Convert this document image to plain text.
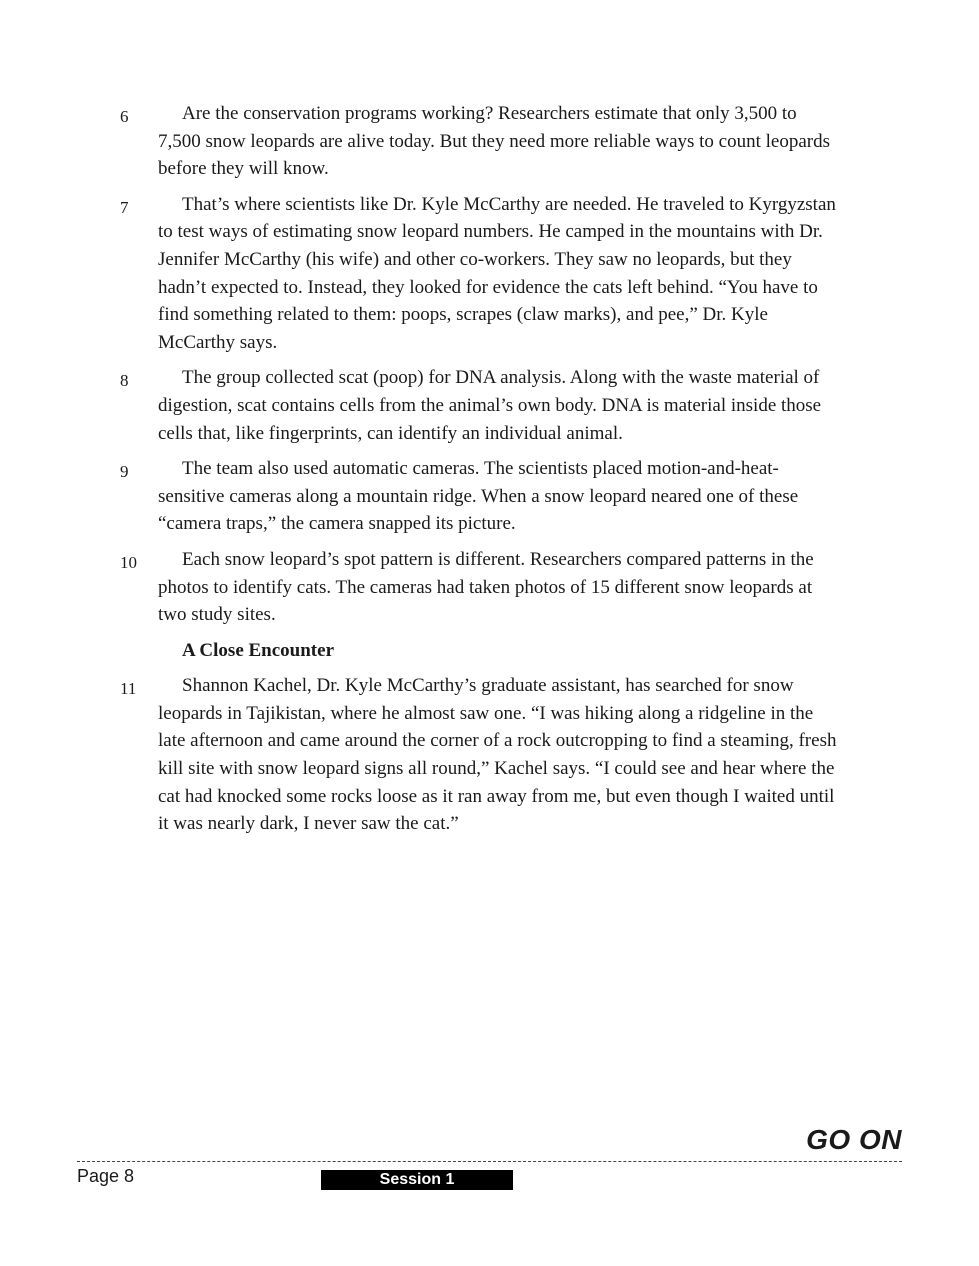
6	Are the conservation programs working? Researchers estimate that only 3,500 to 7,500 snow leopards are alive today. But they need more reliable ways to count leopards before they will know.

7	That’s where scientists like Dr. Kyle McCarthy are needed. He traveled to Kyrgyzstan to test ways of estimating snow leopard numbers. He camped in the mountains with Dr. Jennifer McCarthy (his wife) and other co-workers. They saw no leopards, but they hadn’t expected to. Instead, they looked for evidence the cats left behind. “You have to find something related to them: poops, scrapes (claw marks), and pee,” Dr. Kyle McCarthy says.

8	The group collected scat (poop) for DNA analysis. Along with the waste material of digestion, scat contains cells from the animal’s own body. DNA is material inside those cells that, like fingerprints, can identify an individual animal.

9	The team also used automatic cameras. The scientists placed motion-and-heat-sensitive cameras along a mountain ridge. When a snow leopard neared one of these “camera traps,” the camera snapped its picture.

10	Each snow leopard’s spot pattern is different. Researchers compared patterns in the photos to identify cats. The cameras had taken photos of 15 different snow leopards at two study sites.

A Close Encounter
11	Shannon Kachel, Dr. Kyle McCarthy’s graduate assistant, has searched for snow leopards in Tajikistan, where he almost saw one. “I was hiking along a ridgeline in the late afternoon and came around the corner of a rock outcropping to find a steaming, fresh kill site with snow leopard signs all round,” Kachel says. “I could see and hear where the cat had knocked some rocks loose as it ran away from me, but even though I waited until it was nearly dark, I never saw the cat.”

GO ON
Page 8	Session 1
